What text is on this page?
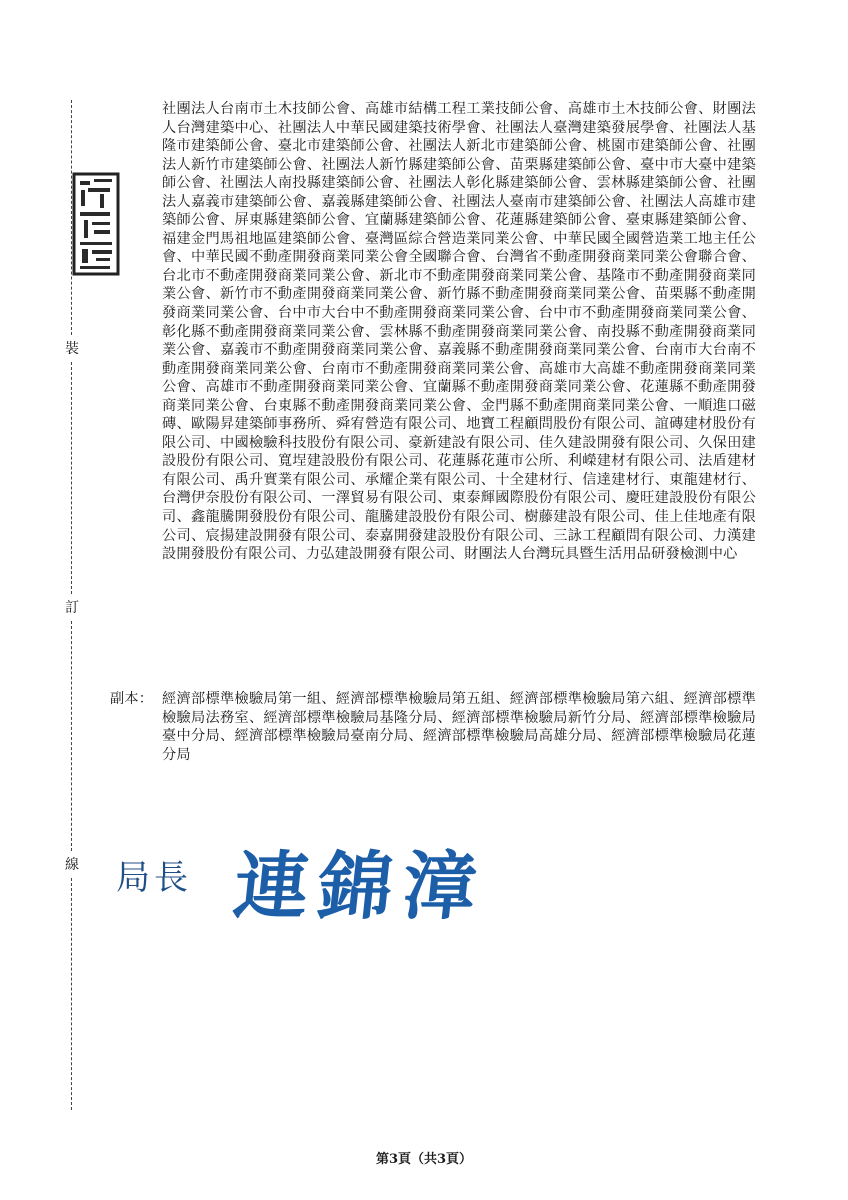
裝
訂
線
社團法人台南市土木技師公會、高雄市結構工程工業技師公會、高雄市土木技師公會、財團法人台灣建築中心、社團法人中華民國建築技術學會、社團法人臺灣建築發展學會、社團法人基隆市建築師公會、臺北市建築師公會、社團法人新北市建築師公會、桃園市建築師公會、社團法人新竹市建築師公會、社團法人新竹縣建築師公會、苗栗縣建築師公會、臺中市大臺中建築師公會、社團法人南投縣建築師公會、社團法人彰化縣建築師公會、雲林縣建築師公會、社團法人嘉義市建築師公會、嘉義縣建築師公會、社團法人臺南市建築師公會、社團法人高雄市建築師公會、屏東縣建築師公會、宜蘭縣建築師公會、花蓮縣建築師公會、臺東縣建築師公會、福建金門馬祖地區建築師公會、臺灣區綜合營造業同業公會、中華民國全國營造業工地主任公會、中華民國不動產開發商業同業公會全國聯合會、台灣省不動產開發商業同業公會聯合會、台北市不動產開發商業同業公會、新北市不動產開發商業同業公會、基隆市不動產開發商業同業公會、新竹市不動產開發商業同業公會、新竹縣不動產開發商業同業公會、苗栗縣不動產開發商業同業公會、台中市大台中不動產開發商業同業公會、台中市不動產開發商業同業公會、彰化縣不動產開發商業同業公會、雲林縣不動產開發商業同業公會、南投縣不動產開發商業同業公會、嘉義市不動產開發商業同業公會、嘉義縣不動產開發商業同業公會、台南市大台南不動產開發商業同業公會、台南市不動產開發商業同業公會、高雄市大高雄不動產開發商業同業公會、高雄市不動產開發商業同業公會、宜蘭縣不動產開發商業同業公會、花蓮縣不動產開發商業同業公會、台東縣不動產開發商業同業公會、金門縣不動產開商業同業公會、一順進口磁磚、歐陽昇建築師事務所、舜宥營造有限公司、地寶工程顧問股份有限公司、誼磚建材股份有限公司、中國檢驗科技股份有限公司、豪新建設有限公司、佳久建設開發有限公司、久保田建設股份有限公司、寬埕建設股份有限公司、花蓮縣花蓮市公所、利嶸建材有限公司、法盾建材有限公司、禹升實業有限公司、承耀企業有限公司、十全建材行、信達建材行、東龍建材行、台灣伊奈股份有限公司、一澤貿易有限公司、東泰輝國際股份有限公司、慶旺建設股份有限公司、鑫龍騰開發股份有限公司、龍騰建設股份有限公司、樹藤建設有限公司、佳上佳地產有限公司、宸揚建設開發有限公司、泰嘉開發建設股份有限公司、三詠工程顧問有限公司、力漢建設開發股份有限公司、力弘建設開發有限公司、財團法人台灣玩具暨生活用品研發檢測中心
副本： 經濟部標準檢驗局第一組、經濟部標準檢驗局第五組、經濟部標準檢驗局第六組、經濟部標準檢驗局法務室、經濟部標準檢驗局基隆分局、經濟部標準檢驗局新竹分局、經濟部標準檢驗局臺中分局、經濟部標準檢驗局臺南分局、經濟部標準檢驗局高雄分局、經濟部標準檢驗局花蓮分局
局長 連錦漳
第3頁（共3頁）
